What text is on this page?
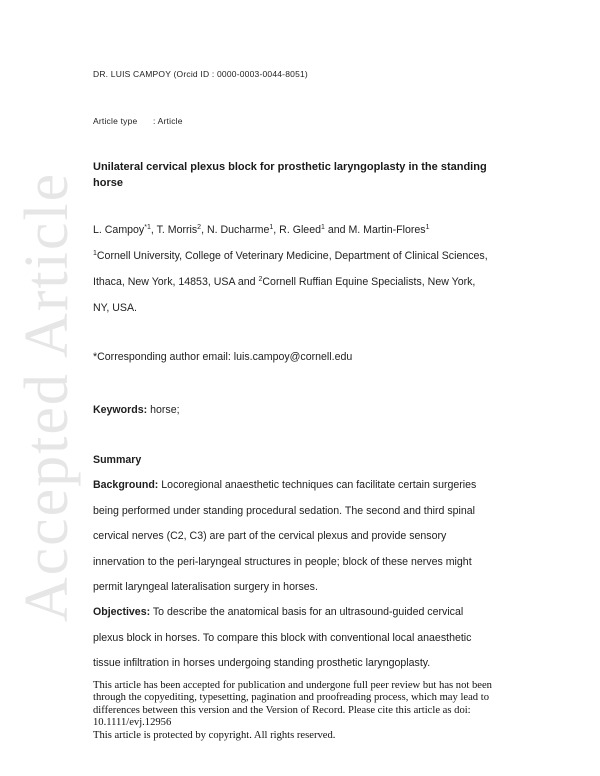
Accepted Article
DR. LUIS CAMPOY (Orcid ID : 0000-0003-0044-8051)
Article type : Article
Unilateral cervical plexus block for prosthetic laryngoplasty in the standing horse
L. Campoy$^{*1}$, T. Morris$^2$, N. Ducharme$^1$, R. Gleed$^1$ and M. Martin-Flores$^1$
$^1$Cornell University, College of Veterinary Medicine, Department of Clinical Sciences,
Ithaca, New York, 14853, USA and $^2$Cornell Ruffian Equine Specialists, New York,
NY, USA.
*Corresponding author email: luis.campoy@cornell.edu
Keywords: horse;
Summary
Background: Locoregional anaesthetic techniques can facilitate certain surgeries
being performed under standing procedural sedation. The second and third spinal
cervical nerves (C2, C3) are part of the cervical plexus and provide sensory
innervation to the peri-laryngeal structures in people; block of these nerves might
permit laryngeal lateralisation surgery in horses.
Objectives: To describe the anatomical basis for an ultrasound-guided cervical
plexus block in horses. To compare this block with conventional local anaesthetic
tissue infiltration in horses undergoing standing prosthetic laryngoplasty.

This article has been accepted for publication and undergone full peer review but has not been through the copyediting, typesetting, pagination and proofreading process, which may lead to differences between this version and the Version of Record. Please cite this article as doi: 10.1111/evj.12956

This article is protected by copyright. All rights reserved.
